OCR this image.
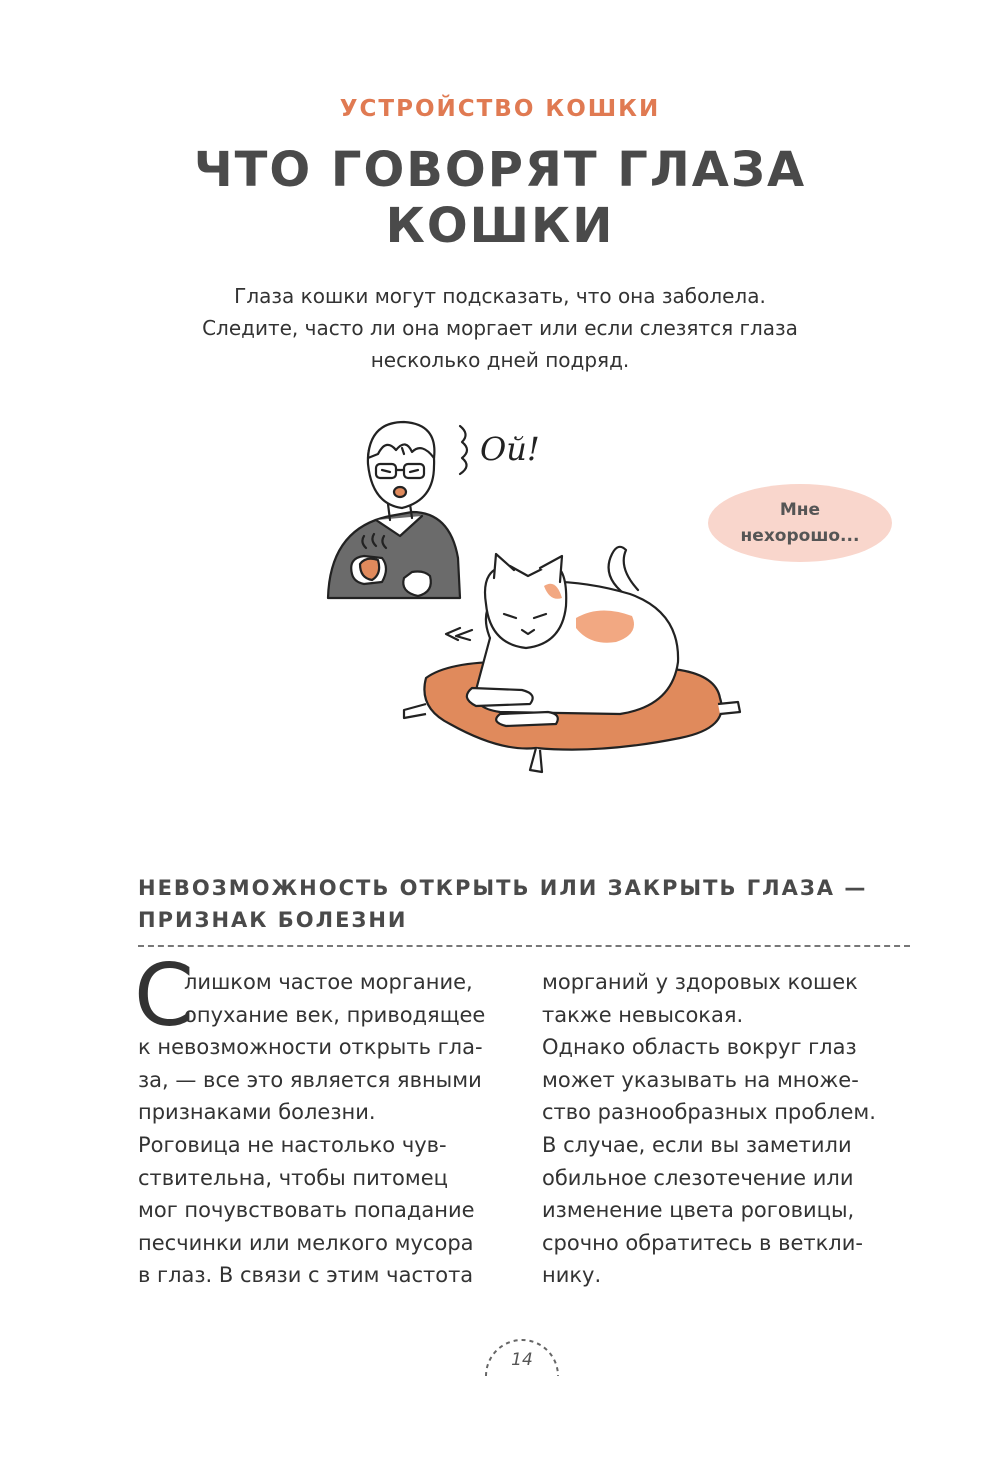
УСТРОЙСТВО КОШКИ
ЧТО ГОВОРЯТ ГЛАЗА
КОШКИ
Глаза кошки могут подсказать, что она заболела.
Следите, часто ли она моргает или если слезятся глаза
несколько дней подряд.
Ой!
Мне
нехорошо...
НЕВОЗМОЖНОСТЬ ОТКРЫТЬ ИЛИ ЗАКРЫТЬ ГЛАЗА —
ПРИЗНАК БОЛЕЗНИ
С
лишком частое моргание,
опухание век, приводящее
к невозможности открыть гла-
за, — все это является явными
признаками болезни.
Роговица не настолько чув-
ствительна, чтобы питомец
мог почувствовать попадание
песчинки или мелкого мусора
в глаз. В связи с этим частота
морганий у здоровых кошек
также невысокая.
Однако область вокруг глаз
может указывать на множе-
ство разнообразных проблем.
В случае, если вы заметили
обильное слезотечение или
изменение цвета роговицы,
срочно обратитесь в веткли-
нику.
14
